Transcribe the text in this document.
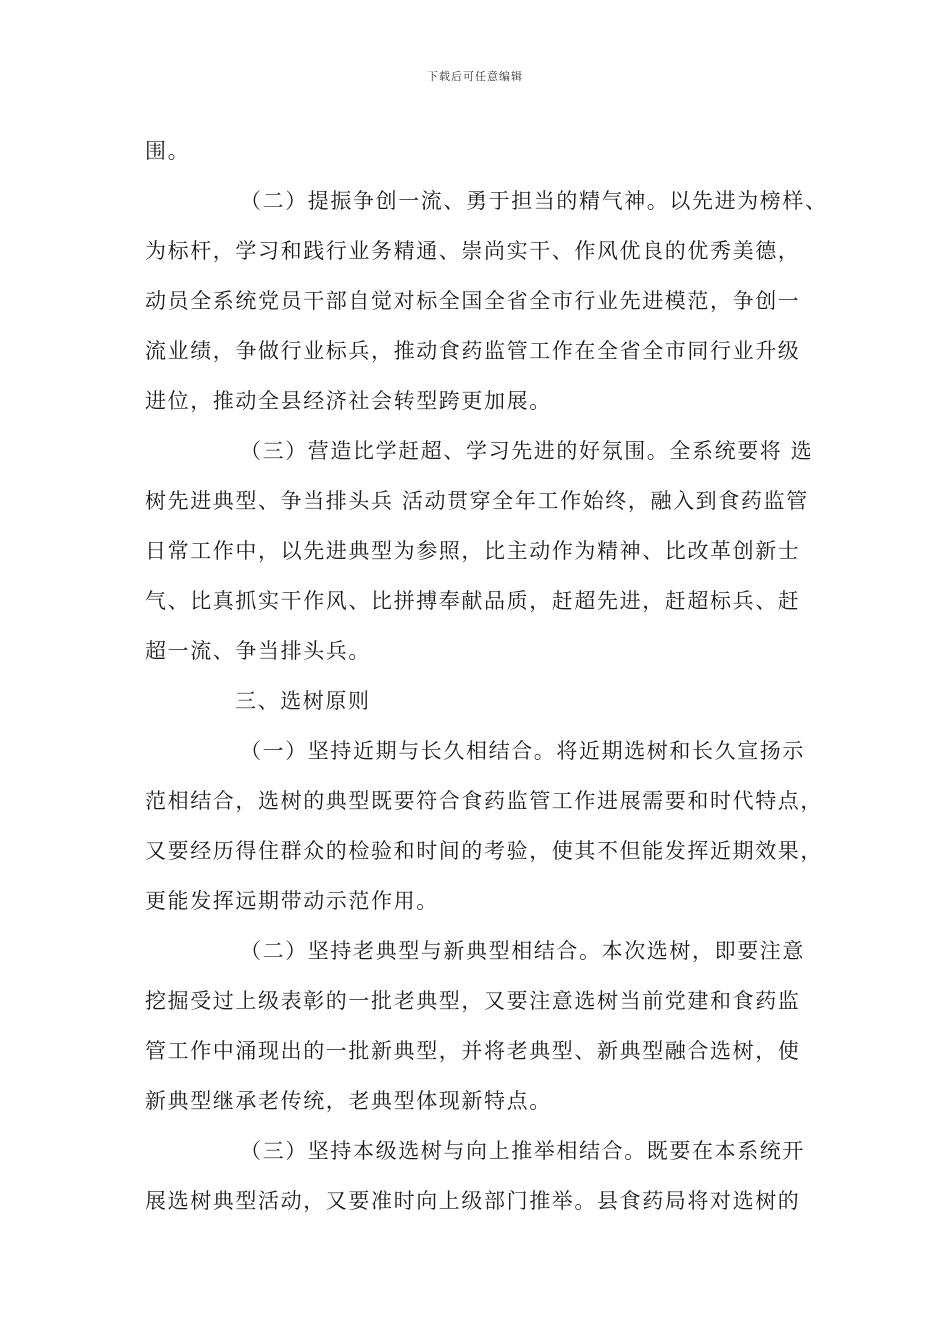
下载后可任意编辑
围。
（二）提振争创一流、勇于担当的精气神。以先进为榜样、
为标杆，学习和践行业务精通、崇尚实干、作风优良的优秀美德，
动员全系统党员干部自觉对标全国全省全市行业先进模范，争创一
流业绩，争做行业标兵，推动食药监管工作在全省全市同行业升级
进位，推动全县经济社会转型跨更加展。
（三）营造比学赶超、学习先进的好氛围。全系统要将 选
树先进典型、争当排头兵 活动贯穿全年工作始终，融入到食药监管
日常工作中，以先进典型为参照，比主动作为精神、比改革创新士
气、比真抓实干作风、比拼搏奉献品质，赶超先进，赶超标兵、赶
超一流、争当排头兵。
三、选树原则
（一）坚持近期与长久相结合。将近期选树和长久宣扬示
范相结合，选树的典型既要符合食药监管工作进展需要和时代特点，
又要经历得住群众的检验和时间的考验，使其不但能发挥近期效果，
更能发挥远期带动示范作用。
（二）坚持老典型与新典型相结合。本次选树，即要注意
挖掘受过上级表彰的一批老典型，又要注意选树当前党建和食药监
管工作中涌现出的一批新典型，并将老典型、新典型融合选树，使
新典型继承老传统，老典型体现新特点。
（三）坚持本级选树与向上推举相结合。既要在本系统开
展选树典型活动，又要准时向上级部门推举。县食药局将对选树的
